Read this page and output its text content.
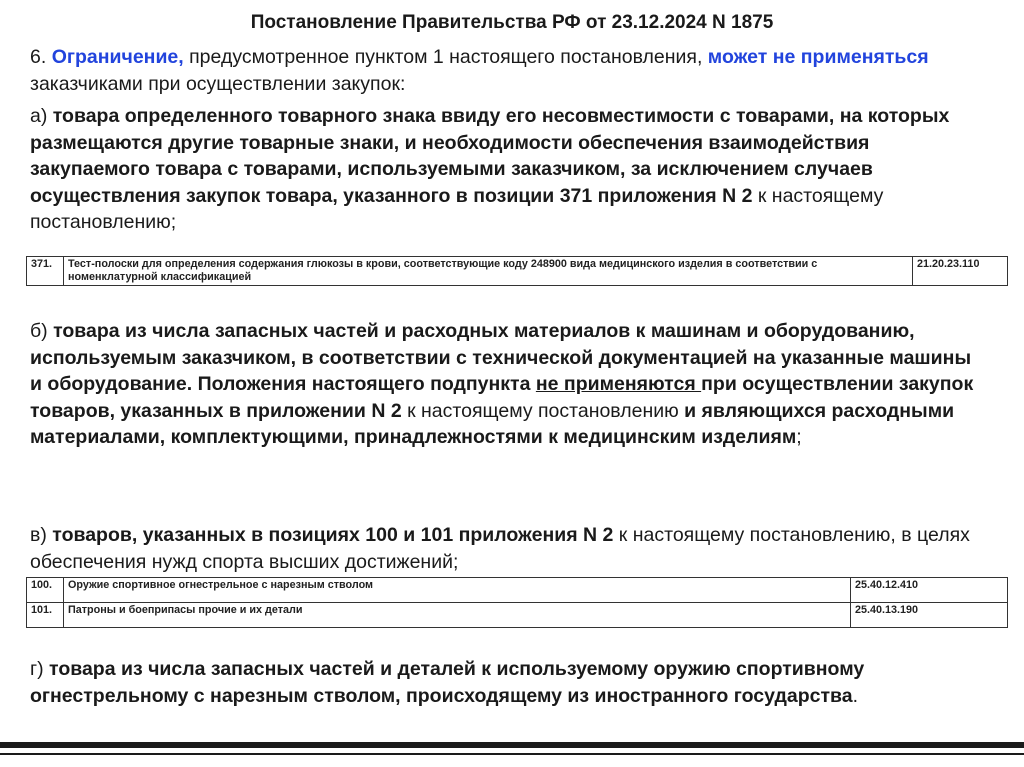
Постановление Правительства РФ от 23.12.2024 N 1875

6. Ограничение, предусмотренное пунктом 1 настоящего постановления, может не применяться заказчиками при осуществлении закупок:

а) товара определенного товарного знака ввиду его несовместимости с товарами, на которых размещаются другие товарные знаки, и необходимости обеспечения взаимодействия закупаемого товара с товарами, используемыми заказчиком, за исключением случаев осуществления закупок товара, указанного в позиции 371 приложения N 2 к настоящему постановлению;

371.	Тест-полоски для определения содержания глюкозы в крови, соответствующие коду 248900 вида медицинского изделия в соответствии с номенклатурной классификацией	21.20.23.110

б) товара из числа запасных частей и расходных материалов к машинам и оборудованию, используемым заказчиком, в соответствии с технической документацией на указанные машины и оборудование. Положения настоящего подпункта не применяются при осуществлении закупок товаров, указанных в приложении N 2 к настоящему постановлению и являющихся расходными материалами, комплектующими, принадлежностями к медицинским изделиям;

в) товаров, указанных в позициях 100 и 101 приложения N 2 к настоящему постановлению, в целях обеспечения нужд спорта высших достижений;

100.	Оружие спортивное огнестрельное с нарезным стволом	25.40.12.410
101.	Патроны и боеприпасы прочие и их детали	25.40.13.190

г) товара из числа запасных частей и деталей к используемому оружию спортивному огнестрельному с нарезным стволом, происходящему из иностранного государства.
